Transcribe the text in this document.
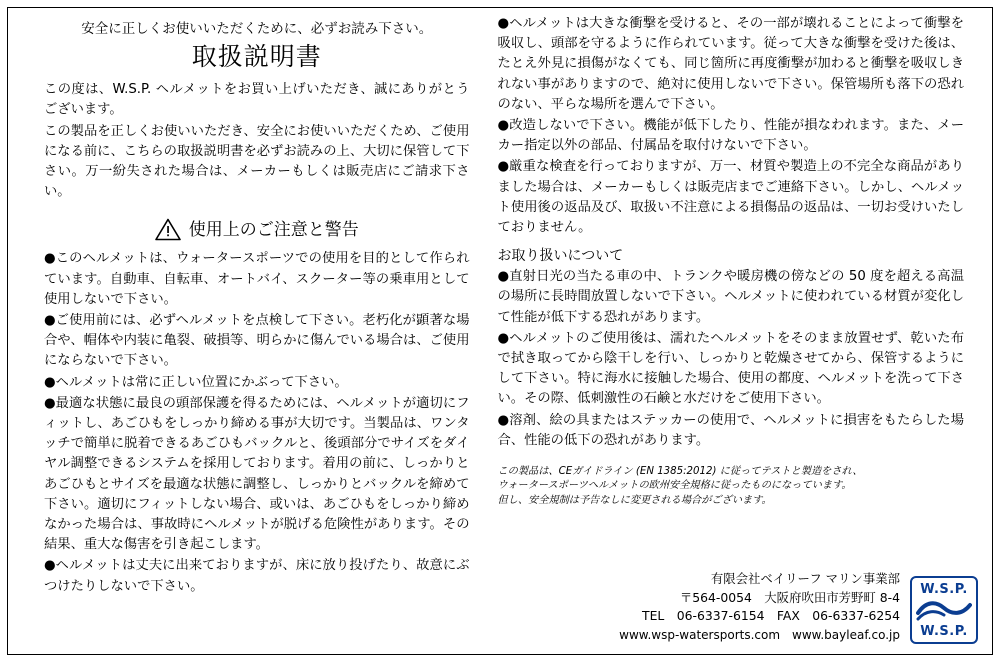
安全に正しくお使いいただくために、必ずお読み下さい。
取扱説明書

この度は、W.S.P. ヘルメットをお買い上げいただき、誠にありがとうございます。

この製品を正しくお使いいただき、安全にお使いいただくため、ご使用になる前に、こちらの取扱説明書を必ずお読みの上、大切に保管して下さい。万一紛失された場合は、メーカーもしくは販売店にご請求下さい。

使用上のご注意と警告

●このヘルメットは、ウォータースポーツでの使用を目的として作られています。自動車、自転車、オートバイ、スクーター等の乗車用として使用しないで下さい。

●ご使用前には、必ずヘルメットを点検して下さい。老朽化が顕著な場合や、帽体や内装に亀裂、破損等、明らかに傷んでいる場合は、ご使用にならないで下さい。

●ヘルメットは常に正しい位置にかぶって下さい。

●最適な状態に最良の頭部保護を得るためには、ヘルメットが適切にフィットし、あごひもをしっかり締める事が大切です。当製品は、ワンタッチで簡単に脱着できるあごひもバックルと、後頭部分でサイズをダイヤル調整できるシステムを採用しております。着用の前に、しっかりとあごひもとサイズを最適な状態に調整し、しっかりとバックルを締めて下さい。適切にフィットしない場合、或いは、あごひもをしっかり締めなかった場合は、事故時にヘルメットが脱げる危険性があります。その結果、重大な傷害を引き起こします。

●ヘルメットは丈夫に出来ておりますが、床に放り投げたり、故意にぶつけたりしないで下さい。

●ヘルメットは大きな衝撃を受けると、その一部が壊れることによって衝撃を吸収し、頭部を守るように作られています。従って大きな衝撃を受けた後は、たとえ外見に損傷がなくても、同じ箇所に再度衝撃が加わると衝撃を吸収しきれない事がありますので、絶対に使用しないで下さい。保管場所も落下の恐れのない、平らな場所を選んで下さい。

●改造しないで下さい。機能が低下したり、性能が損なわれます。また、メーカー指定以外の部品、付属品を取付けないで下さい。

●厳重な検査を行っておりますが、万一、材質や製造上の不完全な商品がありました場合は、メーカーもしくは販売店までご連絡下さい。しかし、ヘルメット使用後の返品及び、取扱い不注意による損傷品の返品は、一切お受けいたしておりません。

お取り扱いについて

●直射日光の当たる車の中、トランクや暖房機の傍などの 50 度を超える高温の場所に長時間放置しないで下さい。ヘルメットに使われている材質が変化して性能が低下する恐れがあります。

●ヘルメットのご使用後は、濡れたヘルメットをそのまま放置せず、乾いた布で拭き取ってから陰干しを行い、しっかりと乾燥させてから、保管するようにして下さい。特に海水に接触した場合、使用の都度、ヘルメットを洗って下さい。その際、低刺激性の石鹸と水だけをご使用下さい。

●溶剤、絵の具またはステッカーの使用で、ヘルメットに損害をもたらした場合、性能の低下の恐れがあります。

この製品は、CEガイドライン (EN 1385:2012) に従ってテストと製造をされ、
ウォータースポーツヘルメットの欧州安全規格に従ったものになっています。
但し、安全規制は予告なしに変更される場合がございます。
有限会社ベイリーフ マリン事業部
〒564-0054　大阪府吹田市芳野町 8-4
TEL　06-6337-6154　FAX　06-6337-6254
www.wsp-watersports.com　www.bayleaf.co.jp
W.S.P.
W.S.P.
